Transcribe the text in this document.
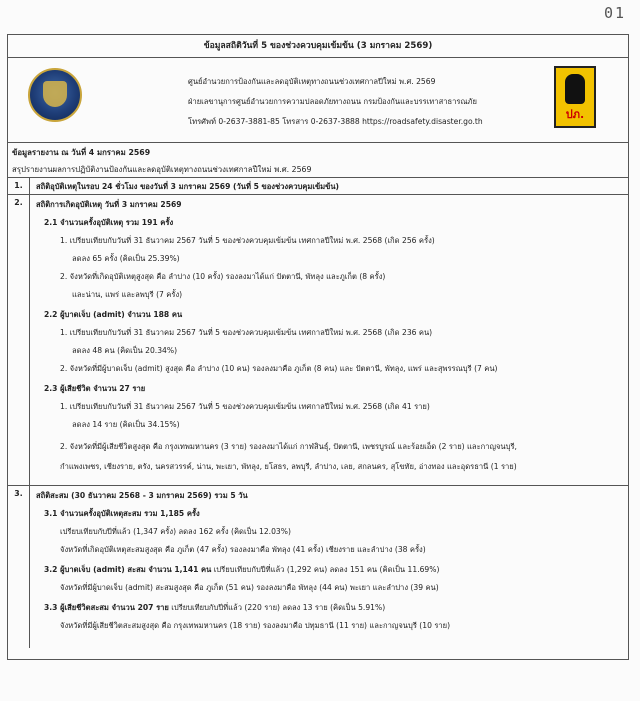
01
ข้อมูลสถิติวันที่ 5 ของช่วงควบคุมเข้มข้น (3 มกราคม 2569)
ศูนย์อำนวยการป้องกันและลดอุบัติเหตุทางถนนช่วงเทศกาลปีใหม่ พ.ศ. 2569
ฝ่ายเลขานุการศูนย์อำนวยการความปลอดภัยทางถนน กรมป้องกันและบรรเทาสาธารณภัย
โทรศัพท์ 0-2637-3881-85 โทรสาร 0-2637-3888 https://roadsafety.disaster.go.th
ปภ.
ข้อมูลรายงาน ณ วันที่ 4 มกราคม 2569
สรุปรายงานผลการปฏิบัติงานป้องกันและลดอุบัติเหตุทางถนนช่วงเทศกาลปีใหม่ พ.ศ. 2569
1.	สถิติอุบัติเหตุในรอบ 24 ชั่วโมง ของวันที่ 3 มกราคม 2569 (วันที่ 5 ของช่วงควบคุมเข้มข้น)
2.	สถิติการเกิดอุบัติเหตุ วันที่ 3 มกราคม 2569
2.1 จำนวนครั้งอุบัติเหตุ รวม 191 ครั้ง
1. เปรียบเทียบกับวันที่ 31 ธันวาคม 2567 วันที่ 5 ของช่วงควบคุมเข้มข้น เทศกาลปีใหม่ พ.ศ. 2568 (เกิด 256 ครั้ง)
ลดลง 65 ครั้ง (คิดเป็น 25.39%)
2. จังหวัดที่เกิดอุบัติเหตุสูงสุด คือ ลำปาง (10 ครั้ง) รองลงมาได้แก่ ปัตตานี, พัทลุง และภูเก็ต (8 ครั้ง)
และน่าน, แพร่ และลพบุรี (7 ครั้ง)
2.2 ผู้บาดเจ็บ (admit) จำนวน 188 คน
1. เปรียบเทียบกับวันที่ 31 ธันวาคม 2567 วันที่ 5 ของช่วงควบคุมเข้มข้น เทศกาลปีใหม่ พ.ศ. 2568 (เกิด 236 คน)
ลดลง 48 คน (คิดเป็น 20.34%)
2. จังหวัดที่มีผู้บาดเจ็บ (admit) สูงสุด คือ ลำปาง (10 คน) รองลงมาคือ ภูเก็ต (8 คน) และ ปัตตานี, พัทลุง, แพร่ และสุพรรณบุรี (7 คน)
2.3 ผู้เสียชีวิต จำนวน 27 ราย
1. เปรียบเทียบกับวันที่ 31 ธันวาคม 2567 วันที่ 5 ของช่วงควบคุมเข้มข้น เทศกาลปีใหม่ พ.ศ. 2568 (เกิด 41 ราย)
ลดลง 14 ราย (คิดเป็น 34.15%)
2. จังหวัดที่มีผู้เสียชีวิตสูงสุด คือ กรุงเทพมหานคร (3 ราย) รองลงมาได้แก่ กาฬสินธุ์, ปัตตานี, เพชรบูรณ์ และร้อยเอ็ด (2 ราย) และกาญจนบุรี,
กำแพงเพชร, เชียงราย, ตรัง, นครสวรรค์, น่าน, พะเยา, พัทลุง, ยโสธร, ลพบุรี, ลำปาง, เลย, สกลนคร, สุโขทัย, อ่างทอง และอุดรธานี (1 ราย)
3.	สถิติสะสม (30 ธันวาคม 2568 - 3 มกราคม 2569) รวม 5 วัน
3.1 จำนวนครั้งอุบัติเหตุสะสม รวม 1,185 ครั้ง
เปรียบเทียบกับปีที่แล้ว (1,347 ครั้ง) ลดลง 162 ครั้ง (คิดเป็น 12.03%)
จังหวัดที่เกิดอุบัติเหตุสะสมสูงสุด คือ ภูเก็ต (47 ครั้ง) รองลงมาคือ พัทลุง (41 ครั้ง) เชียงราย และลำปาง (38 ครั้ง)
3.2 ผู้บาดเจ็บ (admit) สะสม จำนวน 1,141 คน เปรียบเทียบกับปีที่แล้ว (1,292 คน) ลดลง 151 คน (คิดเป็น 11.69%)
จังหวัดที่มีผู้บาดเจ็บ (admit) สะสมสูงสุด คือ ภูเก็ต (51 คน) รองลงมาคือ พัทลุง (44 คน) พะเยา และลำปาง (39 คน)
3.3 ผู้เสียชีวิตสะสม จำนวน 207 ราย เปรียบเทียบกับปีที่แล้ว (220 ราย) ลดลง 13 ราย (คิดเป็น 5.91%)
จังหวัดที่มีผู้เสียชีวิตสะสมสูงสุด คือ กรุงเทพมหานคร (18 ราย) รองลงมาคือ ปทุมธานี (11 ราย) และกาญจนบุรี (10 ราย)
